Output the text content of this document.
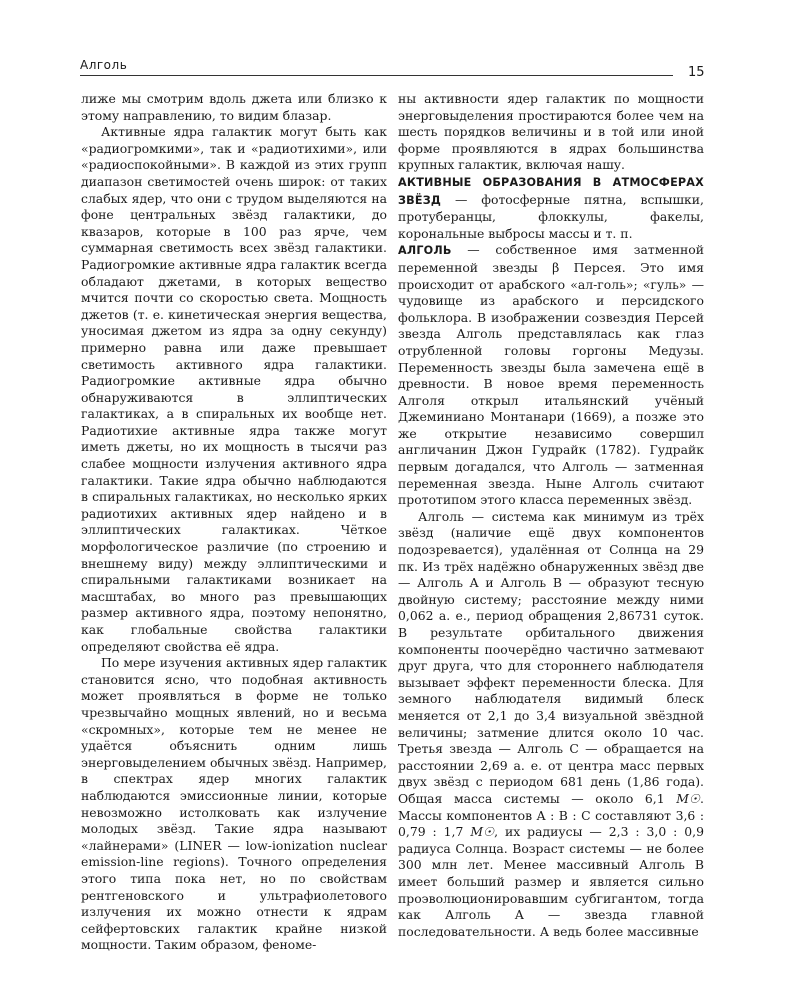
Алголь	15

лиже мы смотрим вдоль джета или близко к этому направлению, то видим блазар.

Активные ядра галактик могут быть как «радиогромкими», так и «радиотихими», или «радиоспокойными». В каждой из этих групп диапазон светимостей очень широк: от таких слабых ядер, что они с трудом выделяются на фоне центральных звёзд галактики, до квазаров, которые в 100 раз ярче, чем суммарная светимость всех звёзд галактики. Радиогромкие активные ядра галактик всегда обладают джетами, в которых вещество мчится почти со скоростью света. Мощность джетов (т. е. кинетическая энергия вещества, уносимая джетом из ядра за одну секунду) примерно равна или даже превышает светимость активного ядра галактики. Радиогромкие активные ядра обычно обнаруживаются в эллиптических галактиках, а в спиральных их вообще нет. Радиотихие активные ядра также могут иметь джеты, но их мощность в тысячи раз слабее мощности излучения активного ядра галактики. Такие ядра обычно наблюдаются в спиральных галактиках, но несколько ярких радиотихих активных ядер найдено и в эллиптических галактиках. Чёткое морфологическое различие (по строению и внешнему виду) между эллиптическими и спиральными галактиками возникает на масштабах, во много раз превышающих размер активного ядра, поэтому непонятно, как глобальные свойства галактики определяют свойства её ядра.

По мере изучения активных ядер галактик становится ясно, что подобная активность может проявляться в форме не только чрезвычайно мощных явлений, но и весьма «скромных», которые тем не менее не удаётся объяснить одним лишь энерговыделением обычных звёзд. Например, в спектрах ядер многих галактик наблюдаются эмиссионные линии, которые невозможно истолковать как излучение молодых звёзд. Такие ядра называют «лайнерами» (LINER — low-ionization nuclear emission-line regions). Точного определения этого типа пока нет, но по свойствам рентгеновского и ультрафиолетового излучения их можно отнести к ядрам сейфертовских галактик крайне низкой мощности. Таким образом, феноме-

ны активности ядер галактик по мощности энерговыделения простираются более чем на шесть порядков величины и в той или иной форме проявляются в ядрах большинства крупных галактик, включая нашу.

АКТИВНЫЕ ОБРАЗОВАНИЯ В АТМОСФЕРАХ ЗВЁЗД — фотосферные пятна, вспышки, протуберанцы, флоккулы, факелы, корональные выбросы массы и т. п.

АЛГОЛЬ — собственное имя затменной переменной звезды β Персея. Это имя происходит от арабского «ал-голь»; «гуль» — чудовище из арабского и персидского фольклора. В изображении созвездия Персей звезда Алголь представлялась как глаз отрубленной головы горгоны Медузы. Переменность звезды была замечена ещё в древности. В новое время переменность Алголя открыл итальянский учёный Джеминиано Монтанари (1669), а позже это же открытие независимо совершил англичанин Джон Гудрайк (1782). Гудрайк первым догадался, что Алголь — затменная переменная звезда. Ныне Алголь считают прототипом этого класса переменных звёзд.

Алголь — система как минимум из трёх звёзд (наличие ещё двух компонентов подозревается), удалённая от Солнца на 29 пк. Из трёх надёжно обнаруженных звёзд две — Алголь A и Алголь B — образуют тесную двойную систему; расстояние между ними 0,062 а. е., период обращения 2,86731 суток. В результате орбитального движения компоненты поочерёдно частично затмевают друг друга, что для стороннего наблюдателя вызывает эффект переменности блеска. Для земного наблюдателя видимый блеск меняется от 2,1 до 3,4 визуальной звёздной величины; затмение длится около 10 час. Третья звезда — Алголь C — обращается на расстоянии 2,69 а. е. от центра масс первых двух звёзд с периодом 681 день (1,86 года). Общая масса системы — около 6,1 M☉. Массы компонентов A : B : C составляют 3,6 : 0,79 : 1,7 M☉, их радиусы — 2,3 : 3,0 : 0,9 радиуса Солнца. Возраст системы — не более 300 млн лет. Менее массивный Алголь B имеет больший размер и является сильно проэволюционировавшим субгигантом, тогда как Алголь A — звезда главной последовательности. А ведь более массивные
